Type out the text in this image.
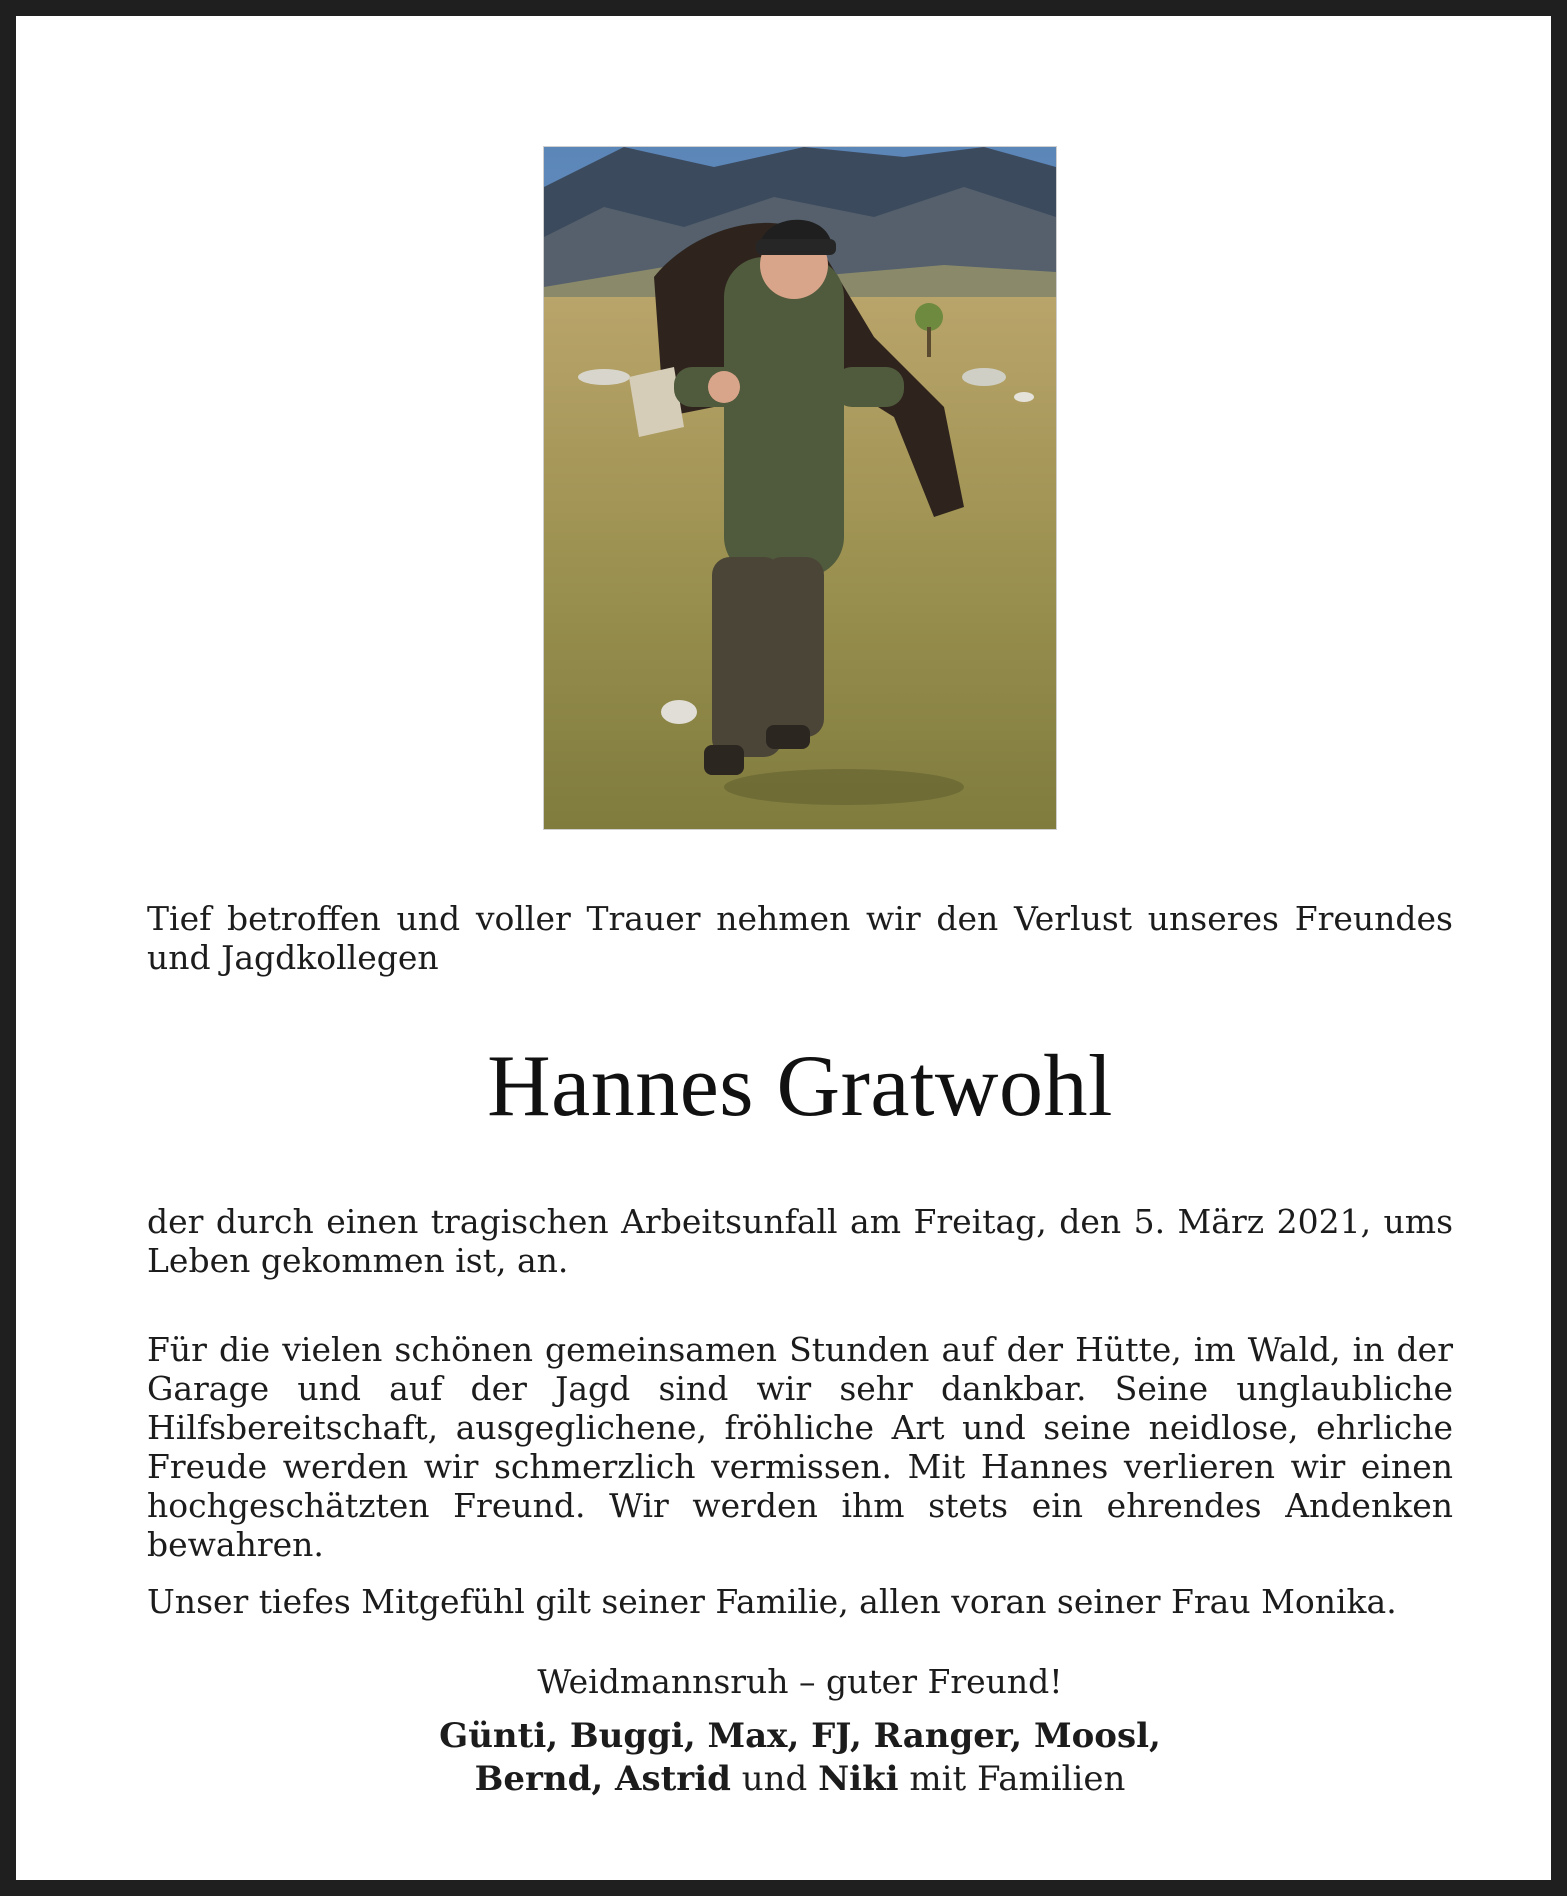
Tief betroffen und voller Trauer nehmen wir den Verlust unseres Freundes und Jagdkollegen
Hannes Gratwohl
der durch einen tragischen Arbeitsunfall am Freitag, den 5. März 2021, ums Leben gekommen ist, an.
Für die vielen schönen gemeinsamen Stunden auf der Hütte, im Wald, in der Garage und auf der Jagd sind wir sehr dankbar. Seine unglaubliche Hilfsbereitschaft, ausgeglichene, fröhliche Art und seine neidlose, ehrliche Freude werden wir schmerzlich vermissen. Mit Hannes verlieren wir einen hochgeschätzten Freund. Wir werden ihm stets ein ehrendes Andenken bewahren.
Unser tiefes Mitgefühl gilt seiner Familie, allen voran seiner Frau Monika.
Weidmannsruh – guter Freund!
Günti, Buggi, Max, FJ, Ranger, Moosl,
Bernd, Astrid und Niki mit Familien
